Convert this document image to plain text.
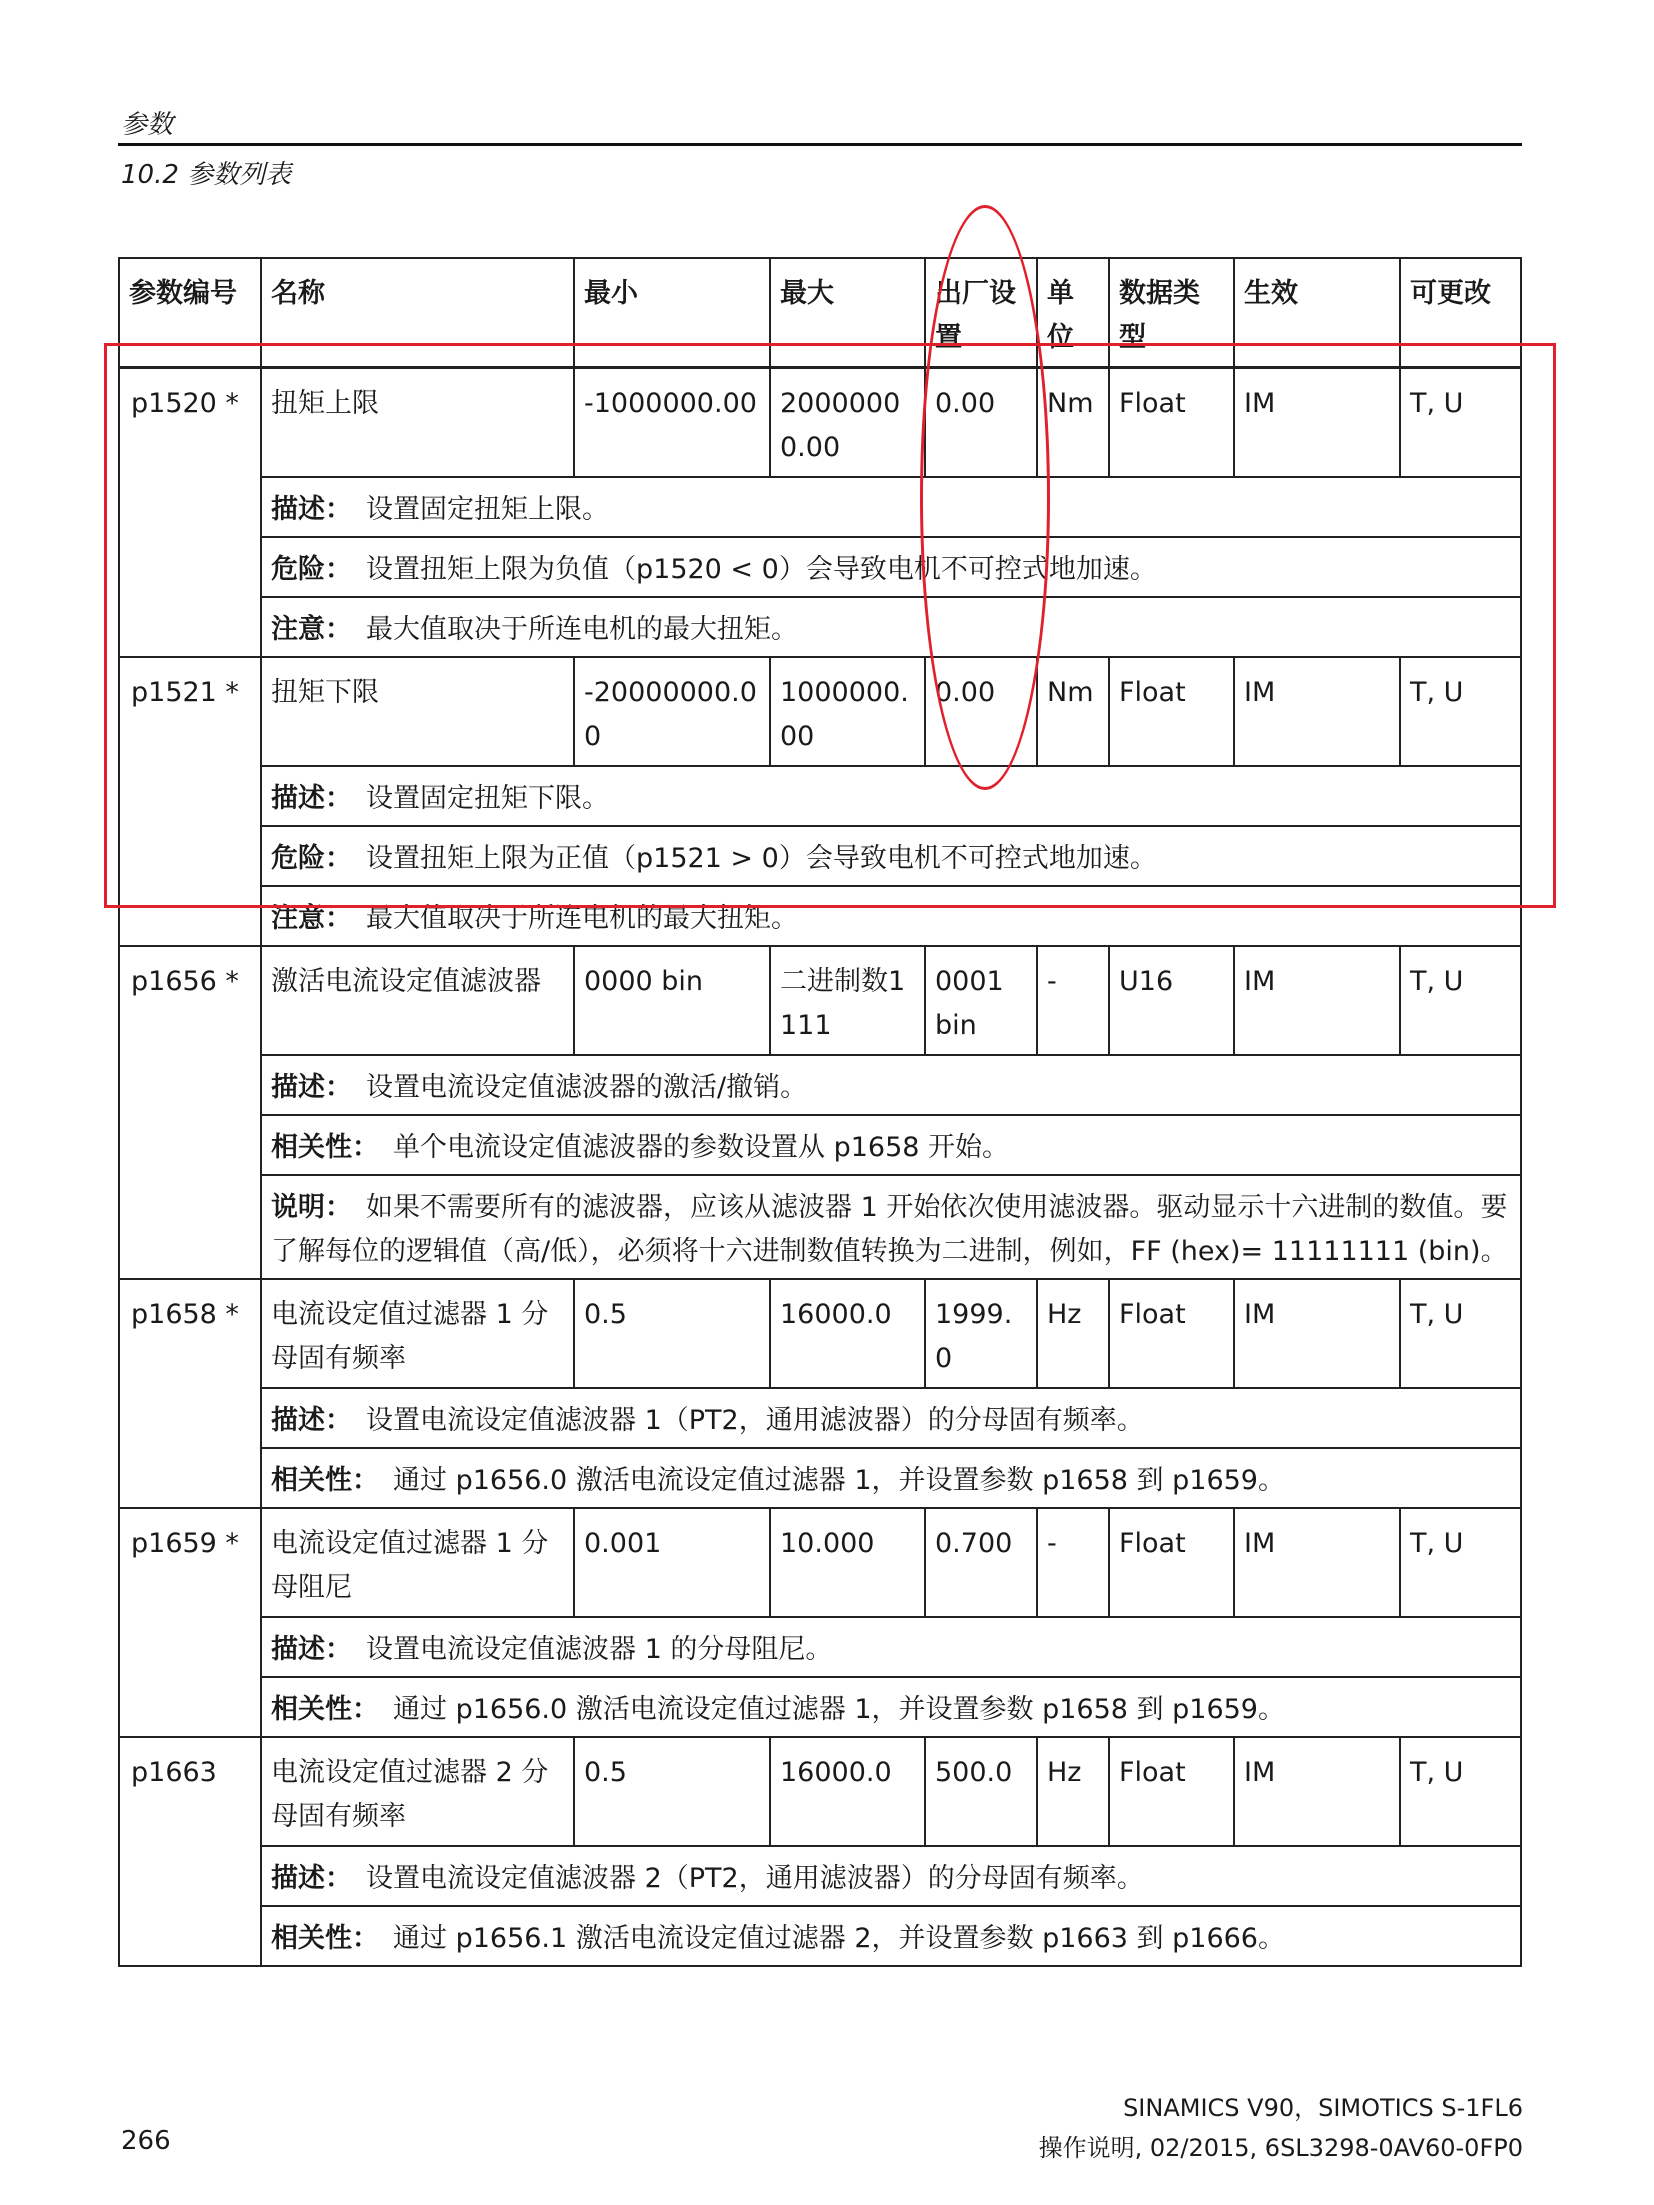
参数
10.2 参数列表
参数编号	名称	最小	最大	出厂设置	单位	数据类型	生效	可更改
p1520 *	扭矩上限	-1000000.00	20000000.00	0.00	Nm	Float	IM	T, U
	描述： 设置固定扭矩上限。							
	危险： 设置扭矩上限为负值（p1520 < 0）会导致电机不可控式地加速。							
	注意： 最大值取决于所连电机的最大扭矩。							
p1521 *	扭矩下限	-20000000.00	1000000.00	0.00	Nm	Float	IM	T, U
	描述： 设置固定扭矩下限。							
	危险： 设置扭矩上限为正值（p1521 > 0）会导致电机不可控式地加速。							
	注意： 最大值取决于所连电机的最大扭矩。							
p1656 *	激活电流设定值滤波器	0000 bin	二进制数1111	0001 bin	-	U16	IM	T, U
	描述： 设置电流设定值滤波器的激活/撤销。							
	相关性： 单个电流设定值滤波器的参数设置从 p1658 开始。							
	说明： 如果不需要所有的滤波器，应该从滤波器 1 开始依次使用滤波器。驱动显示十六进制的数值。要了解每位的逻辑值（高/低），必须将十六进制数值转换为二进制，例如，FF (hex)= 11111111 (bin)。							
p1658 *	电流设定值过滤器 1 分母固有频率	0.5	16000.0	1999.0	Hz	Float	IM	T, U
	描述： 设置电流设定值滤波器 1（PT2，通用滤波器）的分母固有频率。							
	相关性： 通过 p1656.0 激活电流设定值过滤器 1，并设置参数 p1658 到 p1659。							
p1659 *	电流设定值过滤器 1 分母阻尼	0.001	10.000	0.700	-	Float	IM	T, U
	描述： 设置电流设定值滤波器 1 的分母阻尼。							
	相关性： 通过 p1656.0 激活电流设定值过滤器 1，并设置参数 p1658 到 p1659。							
p1663	电流设定值过滤器 2 分母固有频率	0.5	16000.0	500.0	Hz	Float	IM	T, U
	描述： 设置电流设定值滤波器 2（PT2，通用滤波器）的分母固有频率。							
	相关性： 通过 p1656.1 激活电流设定值过滤器 2，并设置参数 p1663 到 p1666。							
266
SINAMICS V90，SIMOTICS S-1FL6
操作说明, 02/2015, 6SL3298-0AV60-0FP0
